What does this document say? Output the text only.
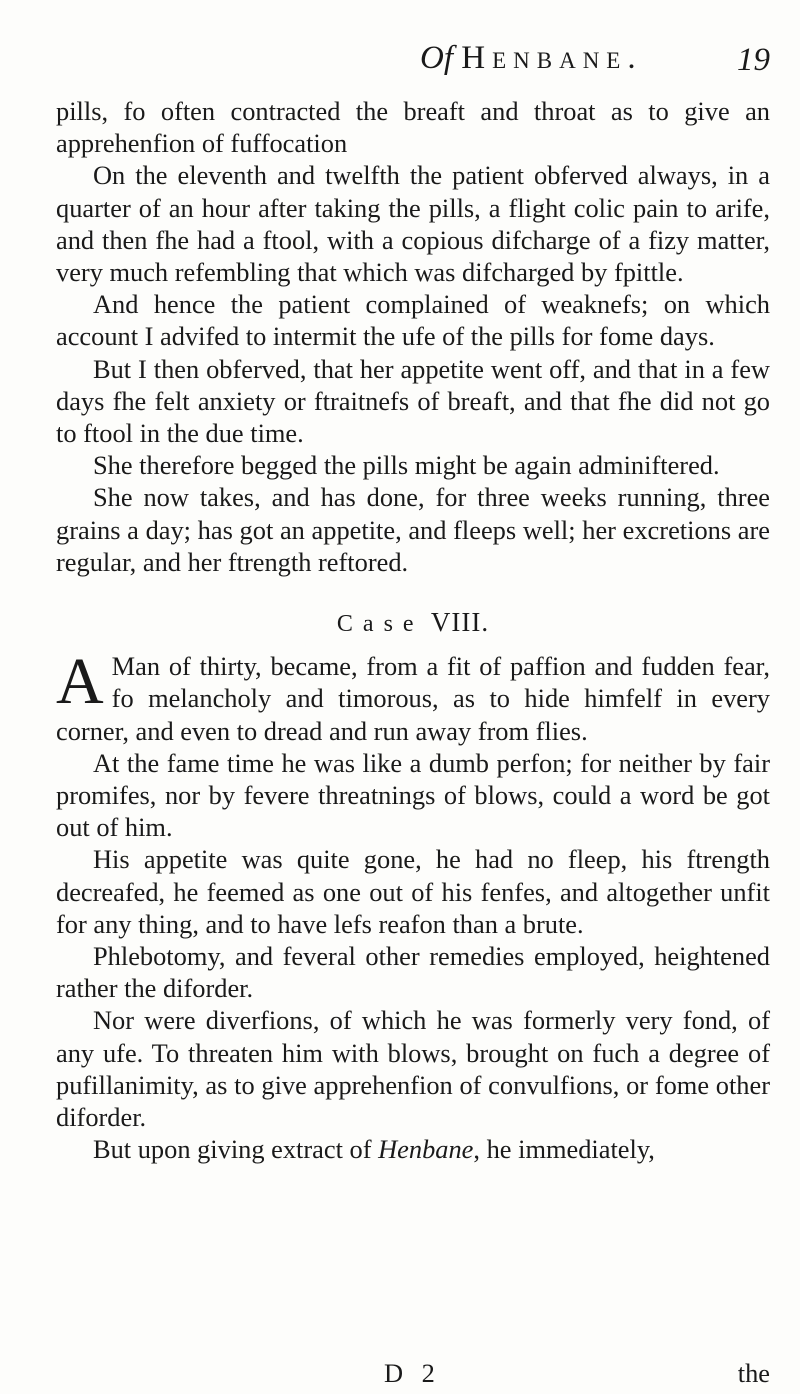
Of Henbane.	19

pills, fo often contracted the breaft and throat as to give an apprehenfion of fuffocation

On the eleventh and twelfth the patient obferved always, in a quarter of an hour after taking the pills, a flight colic pain to arife, and then fhe had a ftool, with a copious difcharge of a fizy matter, very much refembling that which was difcharged by fpittle.

And hence the patient complained of weaknefs; on which account I advifed to intermit the ufe of the pills for fome days.

But I then obferved, that her appetite went off, and that in a few days fhe felt anxiety or ftraitnefs of breaft, and that fhe did not go to ftool in the due time.

She therefore begged the pills might be again adminiftered.

She now takes, and has done, for three weeks running, three grains a day; has got an appetite, and fleeps well; her excretions are regular, and her ftrength reftored.

Case VIII.

A Man of thirty, became, from a fit of paffion and fudden fear, fo melancholy and timorous, as to hide himfelf in every corner, and even to dread and run away from flies.

At the fame time he was like a dumb perfon; for neither by fair promifes, nor by fevere threatnings of blows, could a word be got out of him.

His appetite was quite gone, he had no fleep, his ftrength decreafed, he feemed as one out of his fenfes, and altogether unfit for any thing, and to have lefs reafon than a brute.

Phlebotomy, and feveral other remedies employed, heightened rather the diforder.

Nor were diverfions, of which he was formerly very fond, of any ufe. To threaten him with blows, brought on fuch a degree of pufillanimity, as to give apprehenfion of convulfions, or fome other diforder.

But upon giving extract of Henbane, he immediately,

D 2	the
